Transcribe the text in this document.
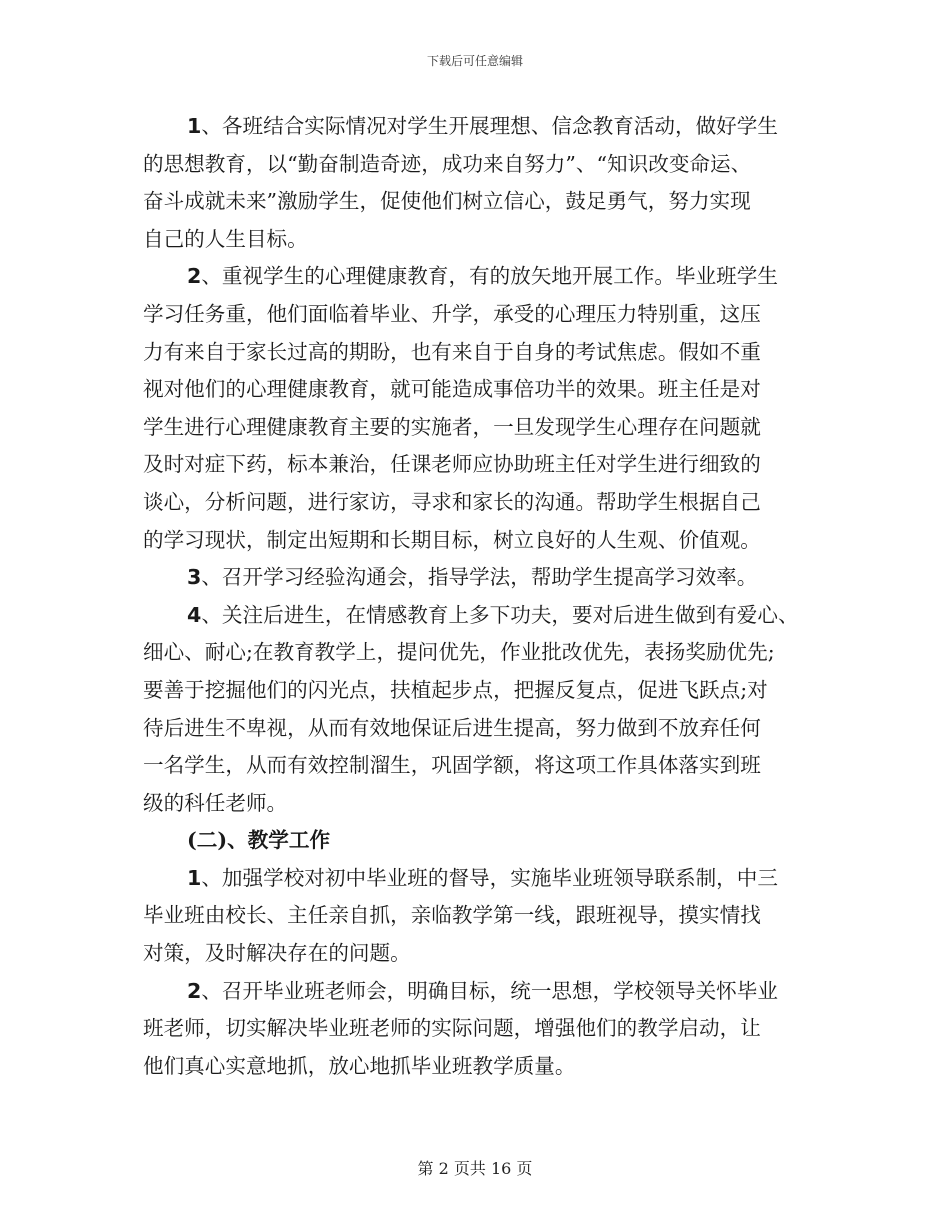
下载后可任意编辑
1、各班结合实际情况对学生开展理想、信念教育活动，做好学生
的思想教育，以“勤奋制造奇迹，成功来自努力”、“知识改变命运、
奋斗成就未来”激励学生，促使他们树立信心，鼓足勇气，努力实现
自己的人生目标。
2、重视学生的心理健康教育，有的放矢地开展工作。毕业班学生
学习任务重，他们面临着毕业、升学，承受的心理压力特别重，这压
力有来自于家长过高的期盼，也有来自于自身的考试焦虑。假如不重
视对他们的心理健康教育，就可能造成事倍功半的效果。班主任是对
学生进行心理健康教育主要的实施者，一旦发现学生心理存在问题就
及时对症下药，标本兼治，任课老师应协助班主任对学生进行细致的
谈心，分析问题，进行家访，寻求和家长的沟通。帮助学生根据自己
的学习现状，制定出短期和长期目标，树立良好的人生观、价值观。
3、召开学习经验沟通会，指导学法，帮助学生提高学习效率。
4、关注后进生，在情感教育上多下功夫，要对后进生做到有爱心、
细心、耐心;在教育教学上，提问优先，作业批改优先，表扬奖励优先;
要善于挖掘他们的闪光点，扶植起步点，把握反复点，促进飞跃点;对
待后进生不卑视，从而有效地保证后进生提高，努力做到不放弃任何
一名学生，从而有效控制溜生，巩固学额，将这项工作具体落实到班
级的科任老师。
(二)、教学工作
1、加强学校对初中毕业班的督导，实施毕业班领导联系制，中三
毕业班由校长、主任亲自抓，亲临教学第一线，跟班视导，摸实情找
对策，及时解决存在的问题。
2、召开毕业班老师会，明确目标，统一思想，学校领导关怀毕业
班老师，切实解决毕业班老师的实际问题，增强他们的教学启动，让
他们真心实意地抓，放心地抓毕业班教学质量。
第 2 页共 16 页
